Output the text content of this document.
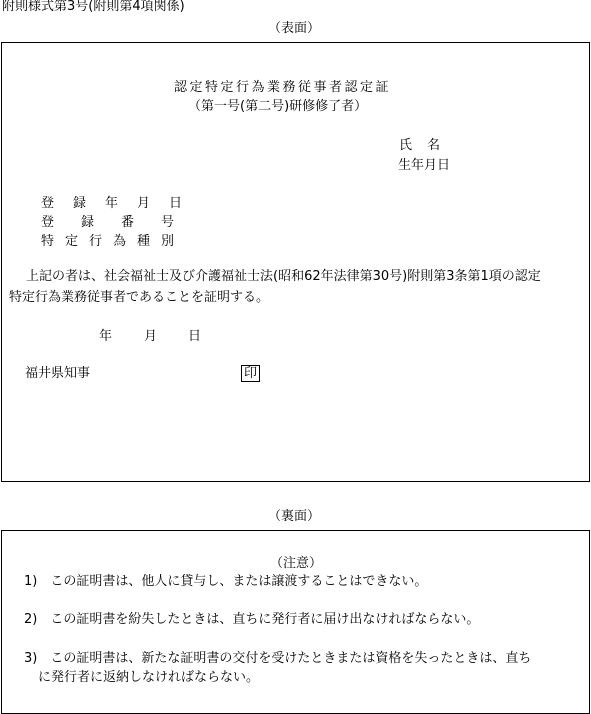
附則様式第3号(附則第4項関係)
（表面）
認定特定行為業務従事者認定証
（第一号(第二号)研修修了者）
氏名
生年月日
登録年月日
登録番号
特定行為種別
上記の者は、社会福祉士及び介護福祉士法(昭和62年法律第30号)附則第3条第1項の認定
特定行為業務従事者であることを証明する。
年 月 日
福井県知事	印
（裏面）
（注意）
1)　この証明書は、他人に貸与し、または譲渡することはできない。
2)　この証明書を紛失したときは、直ちに発行者に届け出なければならない。
3)　この証明書は、新たな証明書の交付を受けたときまたは資格を失ったときは、直ち
に発行者に返納しなければならない。
